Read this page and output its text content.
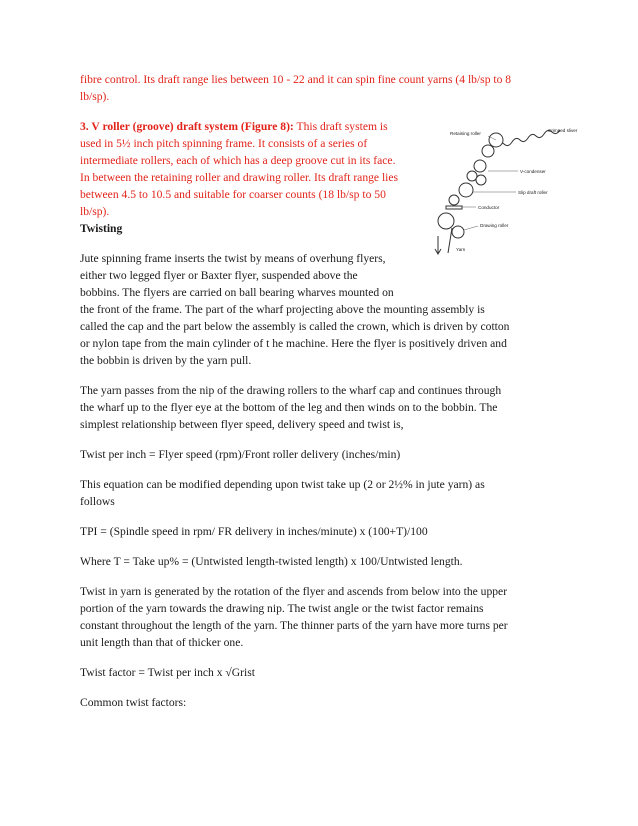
fibre control. Its draft range lies between 10 - 22 and it can spin fine count yarns (4 lb/sp to 8
lb/sp).
3. V roller (groove) draft system (Figure 8): This draft system is
used in 5½ inch pitch spinning frame. It consists of a series of
intermediate rollers, each of which has a deep groove cut in its face.
In between the retaining roller and drawing roller. Its draft range lies
between 4.5 to 10.5 and suitable for coarser counts (18 lb/sp to 50
lb/sp).
Twisting
Jute spinning frame inserts the twist by means of overhung flyers,
either two legged flyer or Baxter flyer, suspended above the
bobbins. The flyers are carried on ball bearing wharves mounted on
the front of the frame. The part of the wharf projecting above the mounting assembly is
called the cap and the part below the assembly is called the crown, which is driven by cotton
or nylon tape from the main cylinder of t he machine. Here the flyer is positively driven and
the bobbin is driven by the yarn pull.
The yarn passes from the nip of the drawing rollers to the wharf cap and continues through
the wharf up to the flyer eye at the bottom of the leg and then winds on to the bobbin. The
simplest relationship between flyer speed, delivery speed and twist is,
Twist per inch = Flyer speed (rpm)/Front roller delivery (inches/min)
This equation can be modified depending upon twist take up (2 or 2½% in jute yarn) as
follows
TPI = (Spindle speed in rpm/ FR delivery in inches/minute) x (100+T)/100
Where T = Take up% = (Untwisted length-twisted length) x 100/Untwisted length.
Twist in yarn is generated by the rotation of the flyer and ascends from below into the upper
portion of the yarn towards the drawing nip. The twist angle or the twist factor remains
constant throughout the length of the yarn. The thinner parts of the yarn have more turns per
unit length than that of thicker one.
Twist factor = Twist per inch x √Grist
Common twist factors:
Crimped sliver
Retaining roller
V-condenser
Slip draft roller
Conductor
Drawing roller
Yarn
